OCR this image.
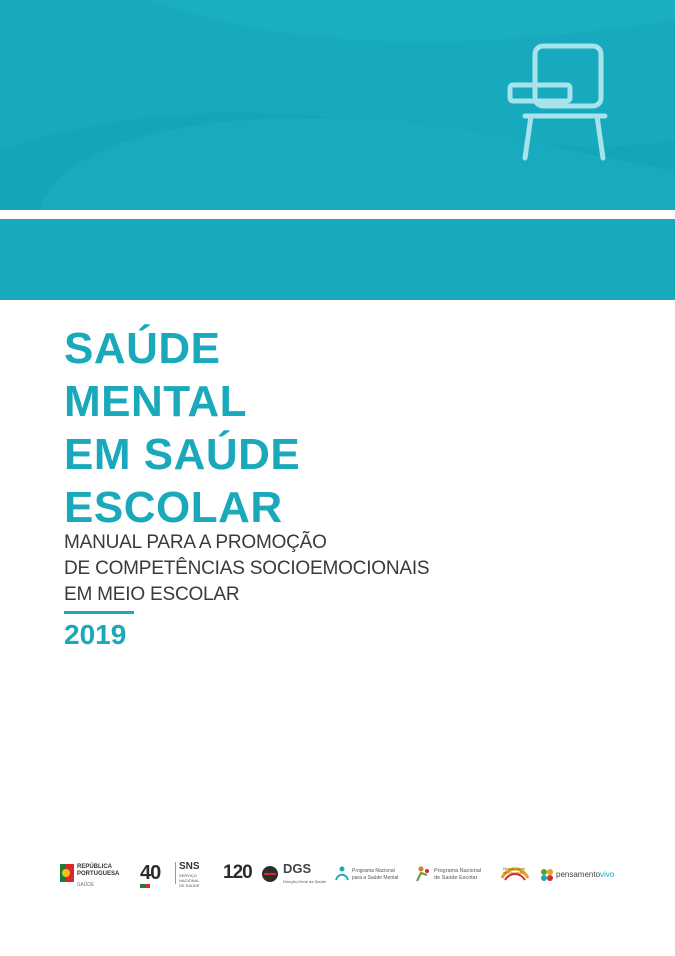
SAÚDE
MENTAL
EM SAÚDE
ESCOLAR
MANUAL PARA A PROMOÇÃO
DE COMPETÊNCIAS SOCIOEMOCIONAIS
EM MEIO ESCOLAR
2019
REPÚBLICA
PORTUGUESA
SAÚDE
40 SNS
SERVIÇO NACIONAL
DE SAÚDE
120 DGS
Direção-Geral da Saúde
Programa Nacional
para a Saúde Mental
Programa Nacional
de Saúde Escolar
Direção-Geral
da Educação	pensamentovivo
